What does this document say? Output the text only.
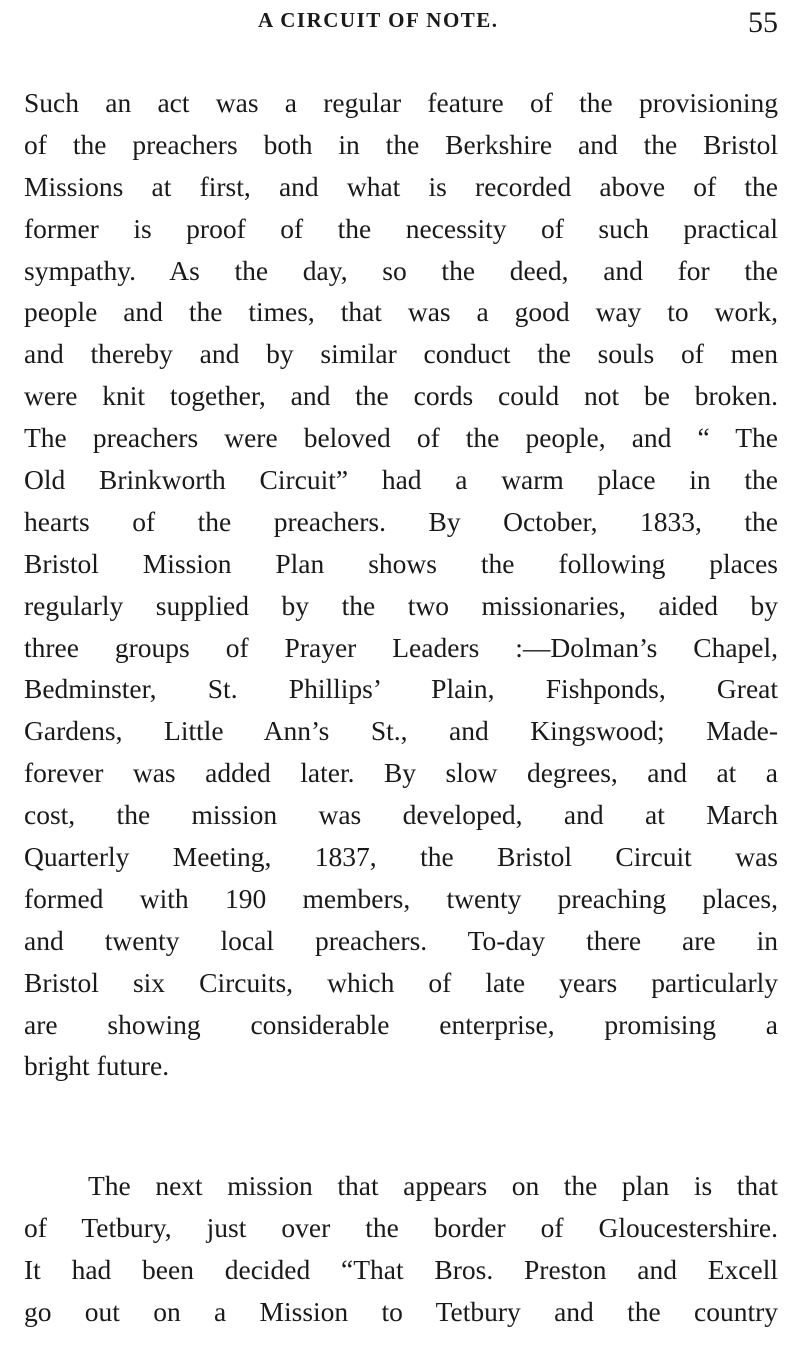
A CIRCUIT OF NOTE.	55
Such an act was a regular feature of the provisioning
of the preachers both in the Berkshire and the Bristol
Missions at first, and what is recorded above of the
former is proof of the necessity of such practical
sympathy. As the day, so the deed, and for the
people and the times, that was a good way to work,
and thereby and by similar conduct the souls of men
were knit together, and the cords could not be broken.
The preachers were beloved of the people, and “ The
Old Brinkworth Circuit” had a warm place in the
hearts of the preachers. By October, 1833, the
Bristol Mission Plan shows the following places
regularly supplied by the two missionaries, aided by
three groups of Prayer Leaders :—Dolman’s Chapel,
Bedminster, St. Phillips’ Plain, Fishponds, Great
Gardens, Little Ann’s St., and Kingswood; Made-
forever was added later. By slow degrees, and at a
cost, the mission was developed, and at March
Quarterly Meeting, 1837, the Bristol Circuit was
formed with 190 members, twenty preaching places,
and twenty local preachers. To-day there are in
Bristol six Circuits, which of late years particularly
are showing considerable enterprise, promising a
bright future.
The next mission that appears on the plan is that
of Tetbury, just over the border of Gloucestershire.
It had been decided “That Bros. Preston and Excell
go out on a Mission to Tetbury and the country
